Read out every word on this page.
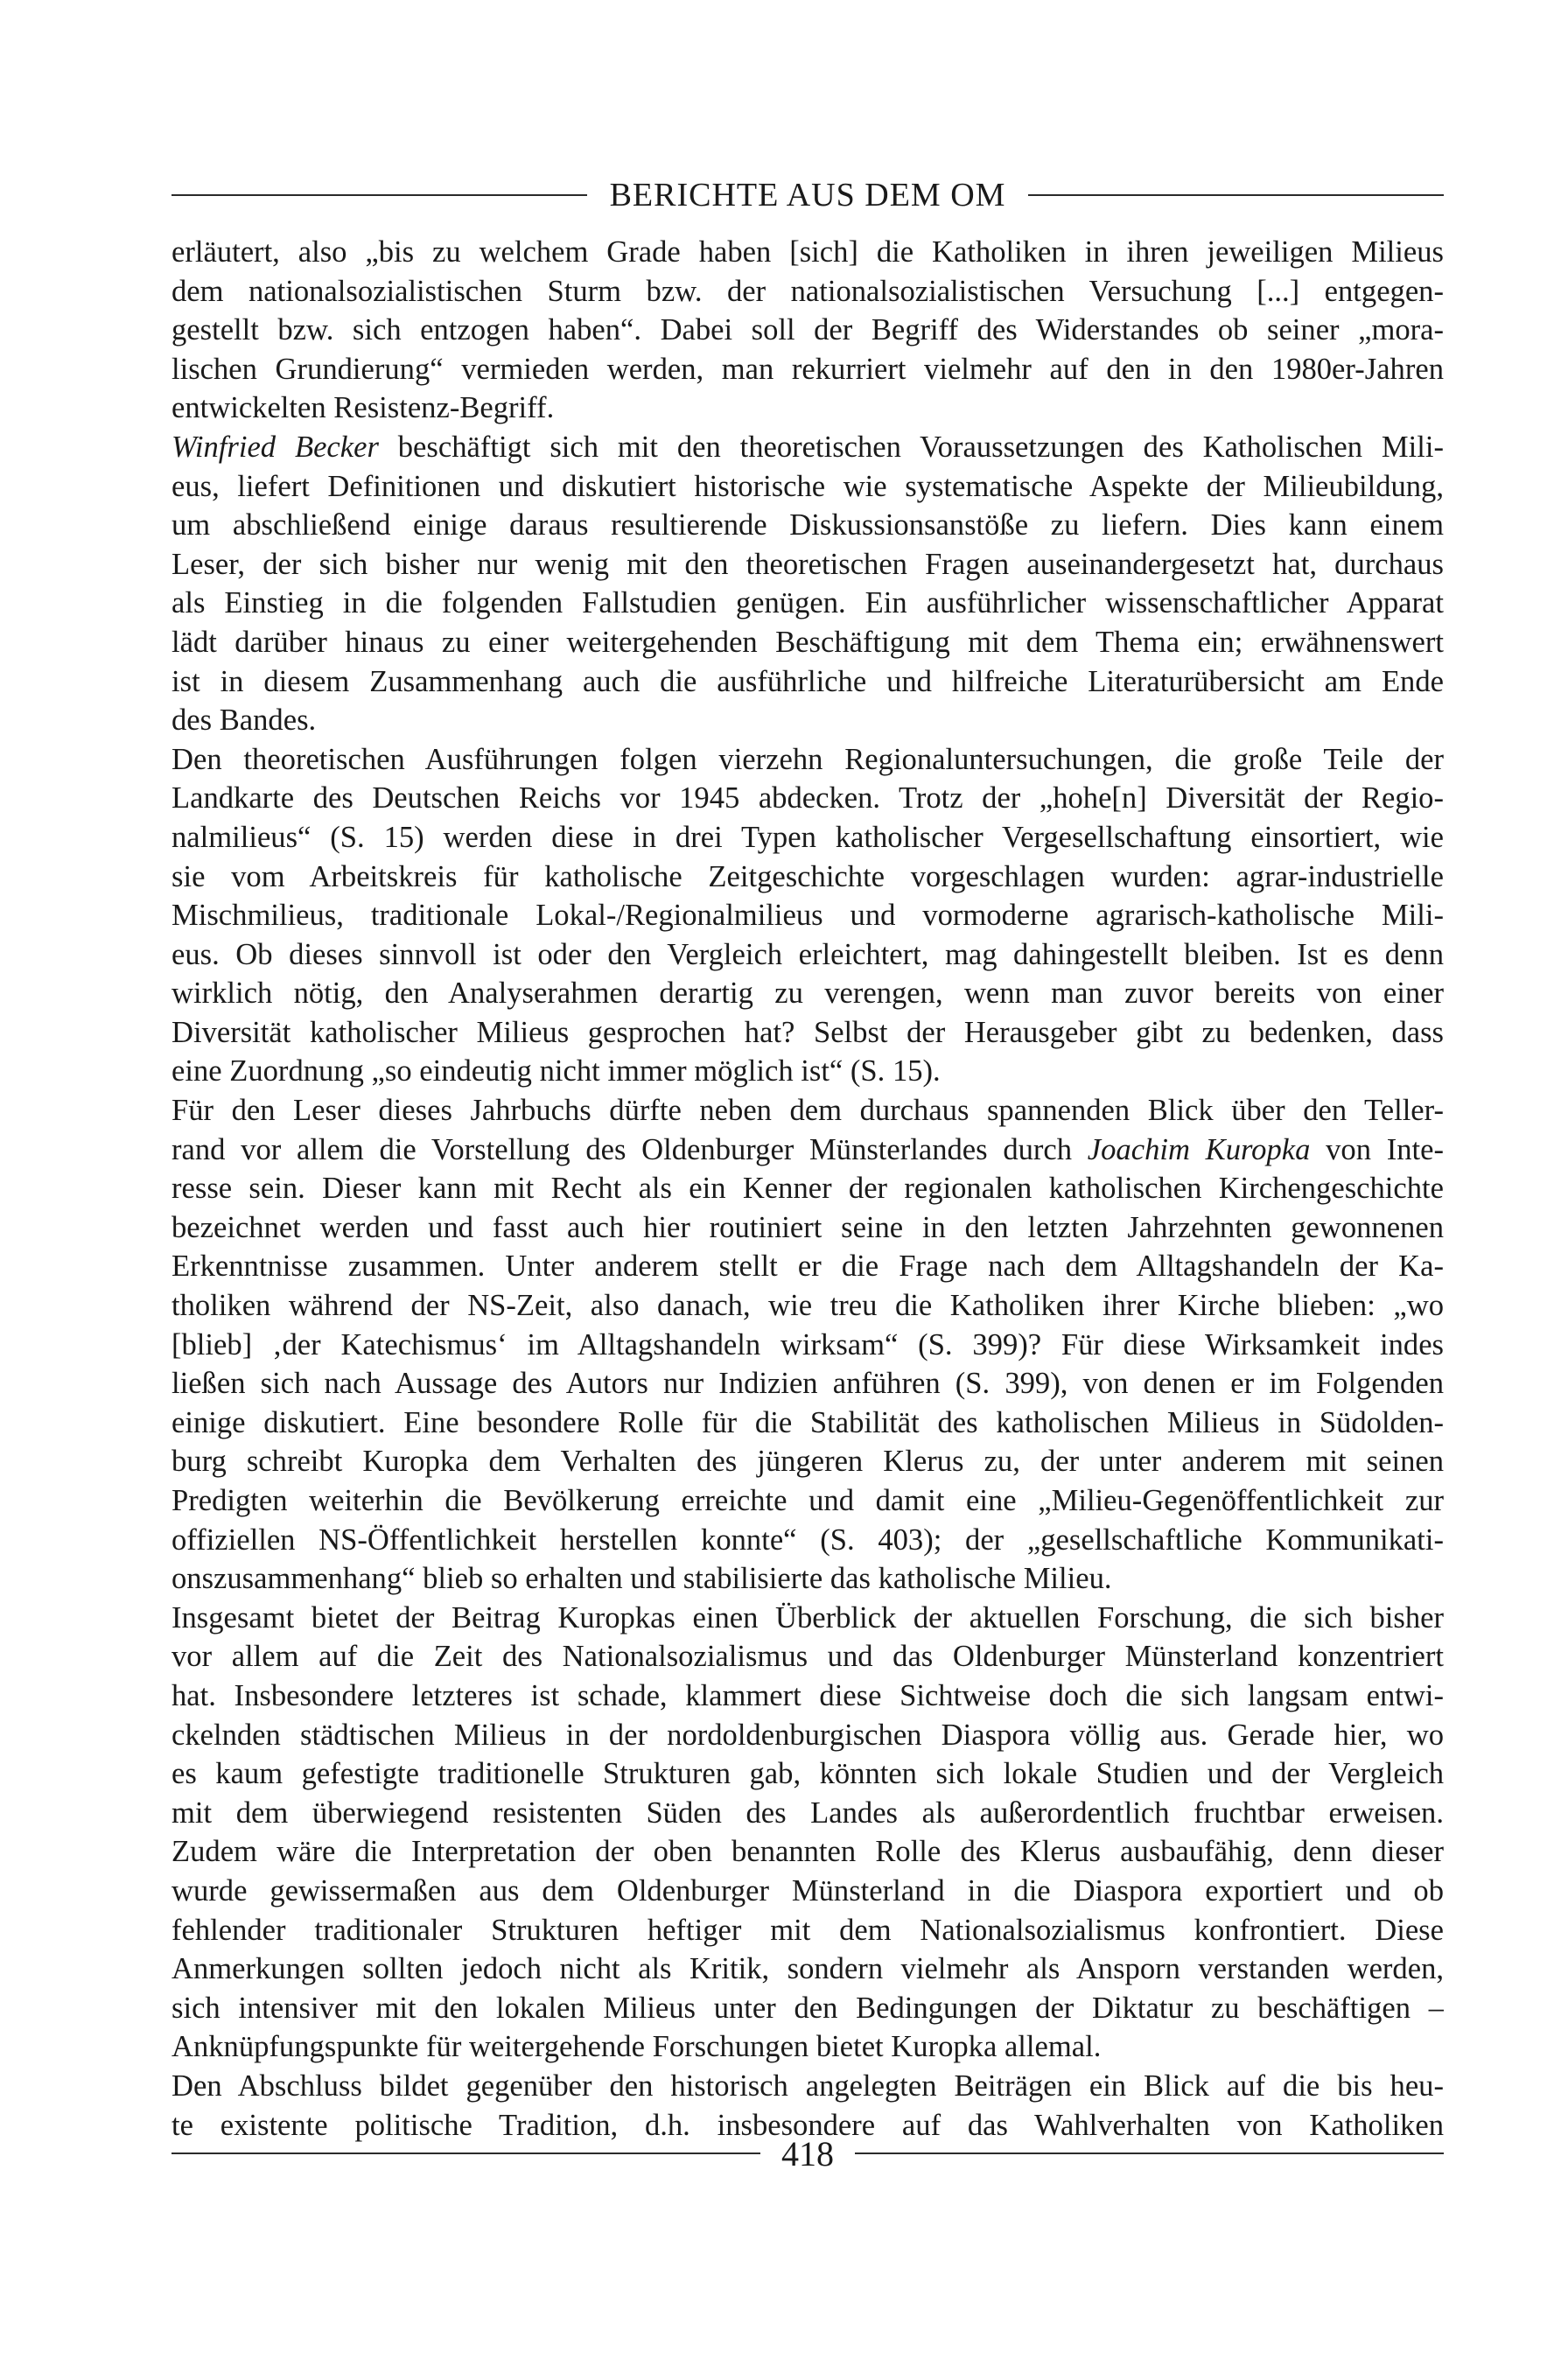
BERICHTE AUS DEM OM
erläutert, also „bis zu welchem Grade haben [sich] die Katholiken in ihren jeweiligen Milieus
dem nationalsozialistischen Sturm bzw. der nationalsozialistischen Versuchung [...] entgegen-
gestellt bzw. sich entzogen haben“. Dabei soll der Begriff des Widerstandes ob seiner „mora-
lischen Grundierung“ vermieden werden, man rekurriert vielmehr auf den in den 1980er-Jahren
entwickelten Resistenz-Begriff.
Winfried Becker beschäftigt sich mit den theoretischen Voraussetzungen des Katholischen Mili-
eus, liefert Definitionen und diskutiert historische wie systematische Aspekte der Milieubildung,
um abschließend einige daraus resultierende Diskussionsanstöße zu liefern. Dies kann einem
Leser, der sich bisher nur wenig mit den theoretischen Fragen auseinandergesetzt hat, durchaus
als Einstieg in die folgenden Fallstudien genügen. Ein ausführlicher wissenschaftlicher Apparat
lädt darüber hinaus zu einer weitergehenden Beschäftigung mit dem Thema ein; erwähnenswert
ist in diesem Zusammenhang auch die ausführliche und hilfreiche Literaturübersicht am Ende
des Bandes.
Den theoretischen Ausführungen folgen vierzehn Regionaluntersuchungen, die große Teile der
Landkarte des Deutschen Reichs vor 1945 abdecken. Trotz der „hohe[n] Diversität der Regio-
nalmilieus“ (S. 15) werden diese in drei Typen katholischer Vergesellschaftung einsortiert, wie
sie vom Arbeitskreis für katholische Zeitgeschichte vorgeschlagen wurden: agrar-industrielle
Mischmilieus, traditionale Lokal-/Regionalmilieus und vormoderne agrarisch-katholische Mili-
eus. Ob dieses sinnvoll ist oder den Vergleich erleichtert, mag dahingestellt bleiben. Ist es denn
wirklich nötig, den Analyserahmen derartig zu verengen, wenn man zuvor bereits von einer
Diversität katholischer Milieus gesprochen hat? Selbst der Herausgeber gibt zu bedenken, dass
eine Zuordnung „so eindeutig nicht immer möglich ist“ (S. 15).
Für den Leser dieses Jahrbuchs dürfte neben dem durchaus spannenden Blick über den Teller-
rand vor allem die Vorstellung des Oldenburger Münsterlandes durch Joachim Kuropka von Inte-
resse sein. Dieser kann mit Recht als ein Kenner der regionalen katholischen Kirchengeschichte
bezeichnet werden und fasst auch hier routiniert seine in den letzten Jahrzehnten gewonnenen
Erkenntnisse zusammen. Unter anderem stellt er die Frage nach dem Alltagshandeln der Ka-
tholiken während der NS-Zeit, also danach, wie treu die Katholiken ihrer Kirche blieben: „wo
[blieb] ‚der Katechismus‘ im Alltagshandeln wirksam“ (S. 399)? Für diese Wirksamkeit indes
ließen sich nach Aussage des Autors nur Indizien anführen (S. 399), von denen er im Folgenden
einige diskutiert. Eine besondere Rolle für die Stabilität des katholischen Milieus in Südolden-
burg schreibt Kuropka dem Verhalten des jüngeren Klerus zu, der unter anderem mit seinen
Predigten weiterhin die Bevölkerung erreichte und damit eine „Milieu-Gegenöffentlichkeit zur
offiziellen NS-Öffentlichkeit herstellen konnte“ (S. 403); der „gesellschaftliche Kommunikati-
onszusammenhang“ blieb so erhalten und stabilisierte das katholische Milieu.
Insgesamt bietet der Beitrag Kuropkas einen Überblick der aktuellen Forschung, die sich bisher
vor allem auf die Zeit des Nationalsozialismus und das Oldenburger Münsterland konzentriert
hat. Insbesondere letzteres ist schade, klammert diese Sichtweise doch die sich langsam entwi-
ckelnden städtischen Milieus in der nordoldenburgischen Diaspora völlig aus. Gerade hier, wo
es kaum gefestigte traditionelle Strukturen gab, könnten sich lokale Studien und der Vergleich
mit dem überwiegend resistenten Süden des Landes als außerordentlich fruchtbar erweisen.
Zudem wäre die Interpretation der oben benannten Rolle des Klerus ausbaufähig, denn dieser
wurde gewissermaßen aus dem Oldenburger Münsterland in die Diaspora exportiert und ob
fehlender traditionaler Strukturen heftiger mit dem Nationalsozialismus konfrontiert. Diese
Anmerkungen sollten jedoch nicht als Kritik, sondern vielmehr als Ansporn verstanden werden,
sich intensiver mit den lokalen Milieus unter den Bedingungen der Diktatur zu beschäftigen –
Anknüpfungspunkte für weitergehende Forschungen bietet Kuropka allemal.
Den Abschluss bildet gegenüber den historisch angelegten Beiträgen ein Blick auf die bis heu-
te existente politische Tradition, d.h. insbesondere auf das Wahlverhalten von Katholiken
418
